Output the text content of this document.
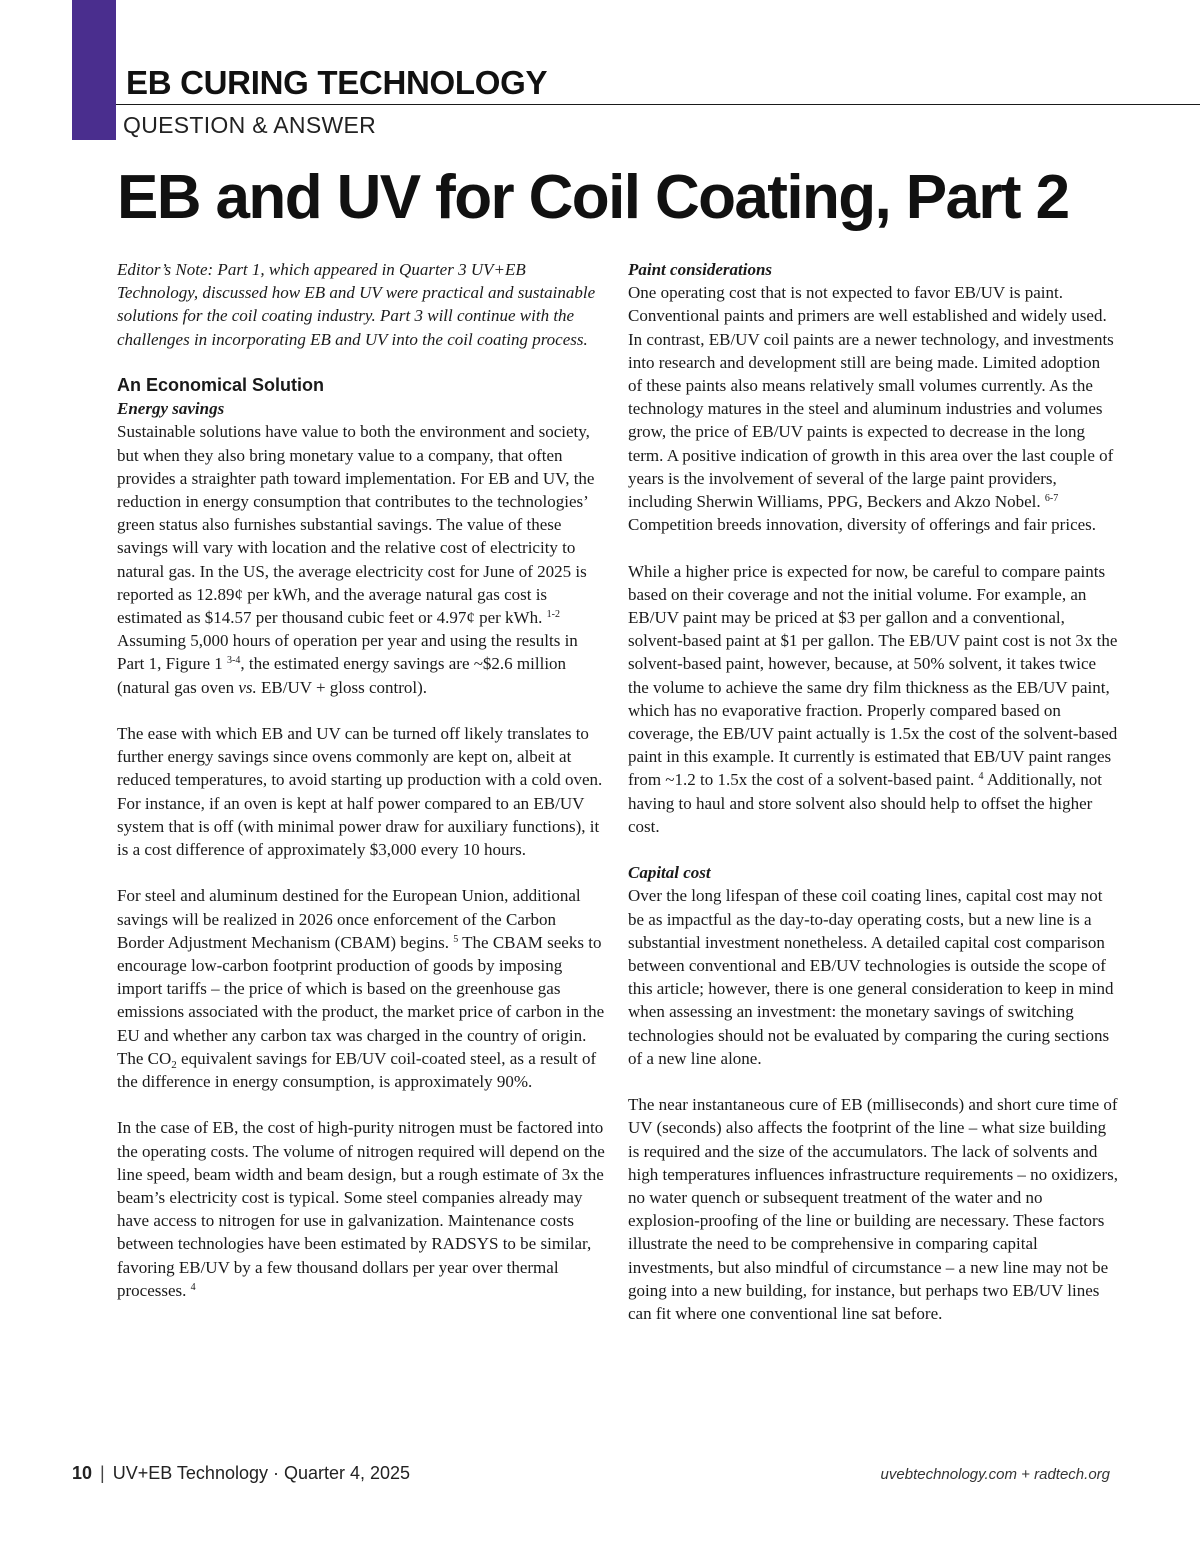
EB CURING TECHNOLOGY
QUESTION & ANSWER
EB and UV for Coil Coating, Part 2

Editor’s Note: Part 1, which appeared in Quarter 3 UV+EB Technology, discussed how EB and UV were practical and sustainable solutions for the coil coating industry. Part 3 will continue with the challenges in incorporating EB and UV into the coil coating process.

An Economical Solution
Energy savings

Sustainable solutions have value to both the environment and society, but when they also bring monetary value to a company, that often provides a straighter path toward implementation. For EB and UV, the reduction in energy consumption that contributes to the technologies’ green status also furnishes substantial savings. The value of these savings will vary with location and the relative cost of electricity to natural gas. In the US, the average electricity cost for June of 2025 is reported as 12.89¢ per kWh, and the average natural gas cost is estimated as $14.57 per thousand cubic feet or 4.97¢ per kWh. $^{1-2}$ Assuming 5,000 hours of operation per year and using the results in Part 1, Figure 1 $^{3-4}$, the estimated energy savings are ~$2.6 million (natural gas oven vs. EB/UV + gloss control).

The ease with which EB and UV can be turned off likely translates to further energy savings since ovens commonly are kept on, albeit at reduced temperatures, to avoid starting up production with a cold oven. For instance, if an oven is kept at half power compared to an EB/UV system that is off (with minimal power draw for auxiliary functions), it is a cost difference of approximately $3,000 every 10 hours.

For steel and aluminum destined for the European Union, additional savings will be realized in 2026 once enforcement of the Carbon Border Adjustment Mechanism (CBAM) begins. $^5$ The CBAM seeks to encourage low-carbon footprint production of goods by imposing import tariffs – the price of which is based on the greenhouse gas emissions associated with the product, the market price of carbon in the EU and whether any carbon tax was charged in the country of origin. The $CO_2$ equivalent savings for EB/UV coil-coated steel, as a result of the difference in energy consumption, is approximately 90%.

In the case of EB, the cost of high-purity nitrogen must be factored into the operating costs. The volume of nitrogen required will depend on the line speed, beam width and beam design, but a rough estimate of 3x the beam’s electricity cost is typical. Some steel companies already may have access to nitrogen for use in galvanization. Maintenance costs between technologies have been estimated by RADSYS to be similar, favoring EB/UV by a few thousand dollars per year over thermal processes. $^4$

Paint considerations

One operating cost that is not expected to favor EB/UV is paint. Conventional paints and primers are well established and widely used. In contrast, EB/UV coil paints are a newer technology, and investments into research and development still are being made. Limited adoption of these paints also means relatively small volumes currently. As the technology matures in the steel and aluminum industries and volumes grow, the price of EB/UV paints is expected to decrease in the long term. A positive indication of growth in this area over the last couple of years is the involvement of several of the large paint providers, including Sherwin Williams, PPG, Beckers and Akzo Nobel. $^{6-7}$ Competition breeds innovation, diversity of offerings and fair prices.

While a higher price is expected for now, be careful to compare paints based on their coverage and not the initial volume. For example, an EB/UV paint may be priced at $3 per gallon and a conventional, solvent-based paint at $1 per gallon. The EB/UV paint cost is not 3x the solvent-based paint, however, because, at 50% solvent, it takes twice the volume to achieve the same dry film thickness as the EB/UV paint, which has no evaporative fraction. Properly compared based on coverage, the EB/UV paint actually is 1.5x the cost of the solvent-based paint in this example. It currently is estimated that EB/UV paint ranges from ~1.2 to 1.5x the cost of a solvent-based paint. $^4$ Additionally, not having to haul and store solvent also should help to offset the higher cost.

Capital cost

Over the long lifespan of these coil coating lines, capital cost may not be as impactful as the day-to-day operating costs, but a new line is a substantial investment nonetheless. A detailed capital cost comparison between conventional and EB/UV technologies is outside the scope of this article; however, there is one general consideration to keep in mind when assessing an investment: the monetary savings of switching technologies should not be evaluated by comparing the curing sections of a new line alone.

The near instantaneous cure of EB (milliseconds) and short cure time of UV (seconds) also affects the footprint of the line – what size building is required and the size of the accumulators. The lack of solvents and high temperatures influences infrastructure requirements – no oxidizers, no water quench or subsequent treatment of the water and no explosion-proofing of the line or building are necessary. These factors illustrate the need to be comprehensive in comparing capital investments, but also mindful of circumstance – a new line may not be going into a new building, for instance, but perhaps two EB/UV lines can fit where one conventional line sat before.

10 | UV+EB Technology · Quarter 4, 2025	uvebtechnology.com + radtech.org
